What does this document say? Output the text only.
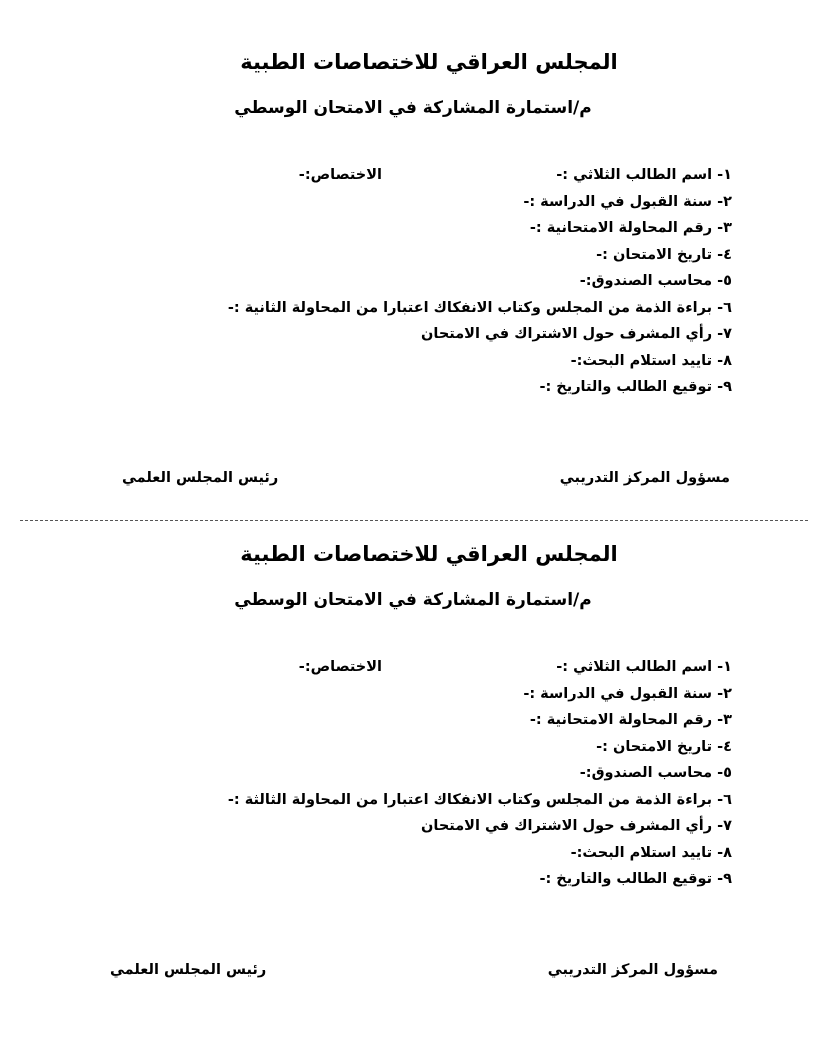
المجلس العراقي للاختصاصات الطبية
م/استمارة المشاركة في الامتحان الوسطي
١- اسم الطالب الثلاثي :-
الاختصاص:-
٢- سنة القبول في الدراسة :-
٣- رقم المحاولة الامتحانية :-
٤- تاريخ الامتحان :-
٥- محاسب الصندوق:-
٦- براءة الذمة من المجلس وكتاب الانفكاك اعتبارا من المحاولة الثانية :-
٧- رأي المشرف حول الاشتراك في الامتحان
٨- تاييد استلام البحث:-
٩- توقيع الطالب والتاريخ :-
مسؤول المركز التدريبي
رئيس المجلس العلمي
المجلس العراقي للاختصاصات الطبية
م/استمارة المشاركة في الامتحان الوسطي
١- اسم الطالب الثلاثي :-
الاختصاص:-
٢- سنة القبول في الدراسة :-
٣- رقم المحاولة الامتحانية :-
٤- تاريخ الامتحان :-
٥- محاسب الصندوق:-
٦- براءة الذمة من المجلس وكتاب الانفكاك اعتبارا من المحاولة الثالثة :-
٧- رأي المشرف حول الاشتراك في الامتحان
٨- تاييد استلام البحث:-
٩- توقيع الطالب والتاريخ :-
مسؤول المركز التدريبي
رئيس المجلس العلمي
